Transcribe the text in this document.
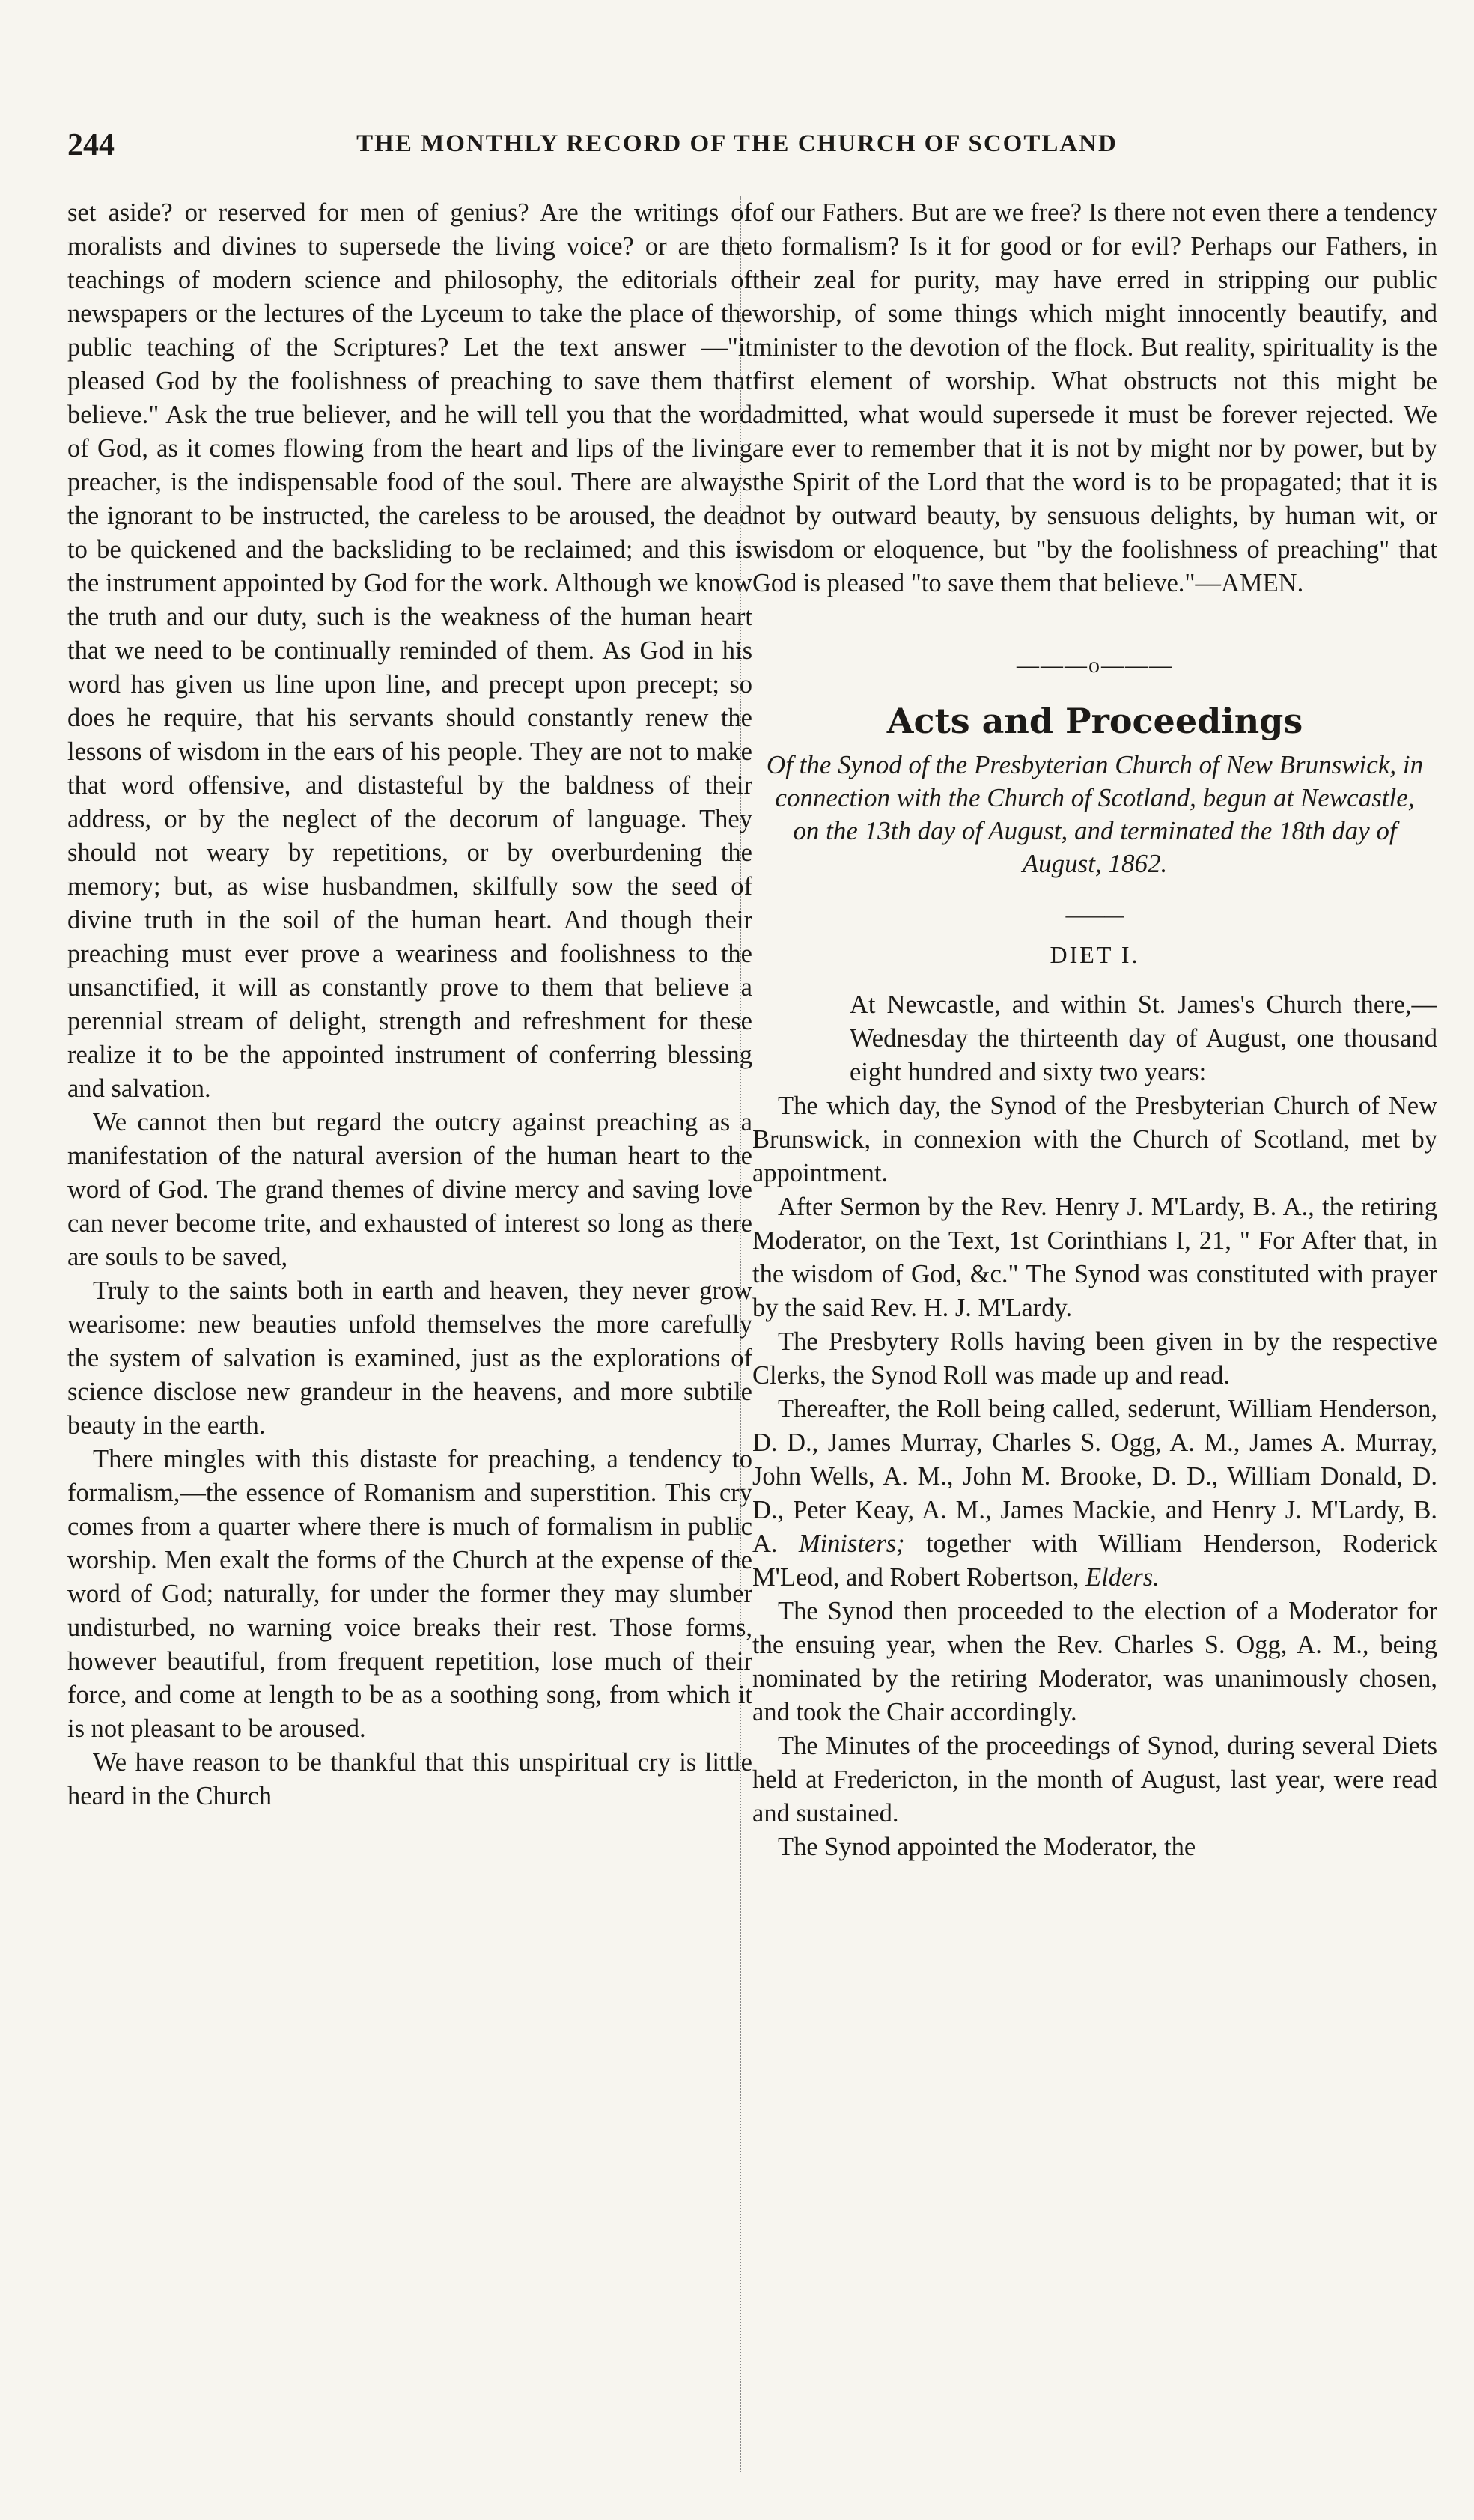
244	THE MONTHLY RECORD OF THE CHURCH OF SCOTLAND

set aside? or reserved for men of genius? Are the writings of moralists and divines to supersede the living voice? or are the teachings of modern science and philosophy, the editorials of newspapers or the lectures of the Lyceum to take the place of the public teaching of the Scriptures? Let the text answer —"it pleased God by the foolishness of preaching to save them that believe." Ask the true believer, and he will tell you that the word of God, as it comes flowing from the heart and lips of the living preacher, is the indispensable food of the soul. There are always the ignorant to be instructed, the careless to be aroused, the dead to be quickened and the backsliding to be reclaimed; and this is the instrument appointed by God for the work. Although we know the truth and our duty, such is the weakness of the human heart that we need to be continually reminded of them. As God in his word has given us line upon line, and precept upon precept; so does he require, that his servants should constantly renew the lessons of wisdom in the ears of his people. They are not to make that word offensive, and distasteful by the baldness of their address, or by the neglect of the decorum of language. They should not weary by repetitions, or by overburdening the memory; but, as wise husbandmen, skilfully sow the seed of divine truth in the soil of the human heart. And though their preaching must ever prove a weariness and foolishness to the unsanctified, it will as constantly prove to them that believe a perennial stream of delight, strength and refreshment for these realize it to be the appointed instrument of conferring blessing and salvation.

We cannot then but regard the outcry against preaching as a manifestation of the natural aversion of the human heart to the word of God. The grand themes of divine mercy and saving love can never become trite, and exhausted of interest so long as there are souls to be saved,

Truly to the saints both in earth and heaven, they never grow wearisome: new beauties unfold themselves the more carefully the system of salvation is examined, just as the explorations of science disclose new grandeur in the heavens, and more subtile beauty in the earth.

There mingles with this distaste for preaching, a tendency to formalism,—the essence of Romanism and superstition. This cry comes from a quarter where there is much of formalism in public worship. Men exalt the forms of the Church at the expense of the word of God; naturally, for under the former they may slumber undisturbed, no warning voice breaks their rest. Those forms, however beautiful, from frequent repetition, lose much of their force, and come at length to be as a soothing song, from which it is not pleasant to be aroused.

We have reason to be thankful that this unspiritual cry is little heard in the Church

of our Fathers. But are we free? Is there not even there a tendency to formalism? Is it for good or for evil? Perhaps our Fathers, in their zeal for purity, may have erred in stripping our public worship, of some things which might innocently beautify, and minister to the devotion of the flock. But reality, spirituality is the first element of worship. What obstructs not this might be admitted, what would supersede it must be forever rejected. We are ever to remember that it is not by might nor by power, but by the Spirit of the Lord that the word is to be propagated; that it is not by outward beauty, by sensuous delights, by human wit, or wisdom or eloquence, but "by the foolishness of preaching" that God is pleased "to save them that believe."—AMEN.

———o———
Acts and Proceedings
Of the Synod of the Presbyterian Church of New Brunswick, in connection with the Church of Scotland, begun at Newcastle, on the 13th day of August, and terminated the 18th day of August, 1862.
———
DIET I.

At Newcastle, and within St. James's Church there,—Wednesday the thirteenth day of August, one thousand eight hundred and sixty two years:

The which day, the Synod of the Presbyterian Church of New Brunswick, in connexion with the Church of Scotland, met by appointment.

After Sermon by the Rev. Henry J. M'Lardy, B. A., the retiring Moderator, on the Text, 1st Corinthians I, 21, " For After that, in the wisdom of God, &c." The Synod was constituted with prayer by the said Rev. H. J. M'Lardy.

The Presbytery Rolls having been given in by the respective Clerks, the Synod Roll was made up and read.

Thereafter, the Roll being called, sederunt, William Henderson, D. D., James Murray, Charles S. Ogg, A. M., James A. Murray, John Wells, A. M., John M. Brooke, D. D., William Donald, D. D., Peter Keay, A. M., James Mackie, and Henry J. M'Lardy, B. A. Ministers; together with William Henderson, Roderick M'Leod, and Robert Robertson, Elders.

The Synod then proceeded to the election of a Moderator for the ensuing year, when the Rev. Charles S. Ogg, A. M., being nominated by the retiring Moderator, was unanimously chosen, and took the Chair accordingly.

The Minutes of the proceedings of Synod, during several Diets held at Fredericton, in the month of August, last year, were read and sustained.

The Synod appointed the Moderator, the
